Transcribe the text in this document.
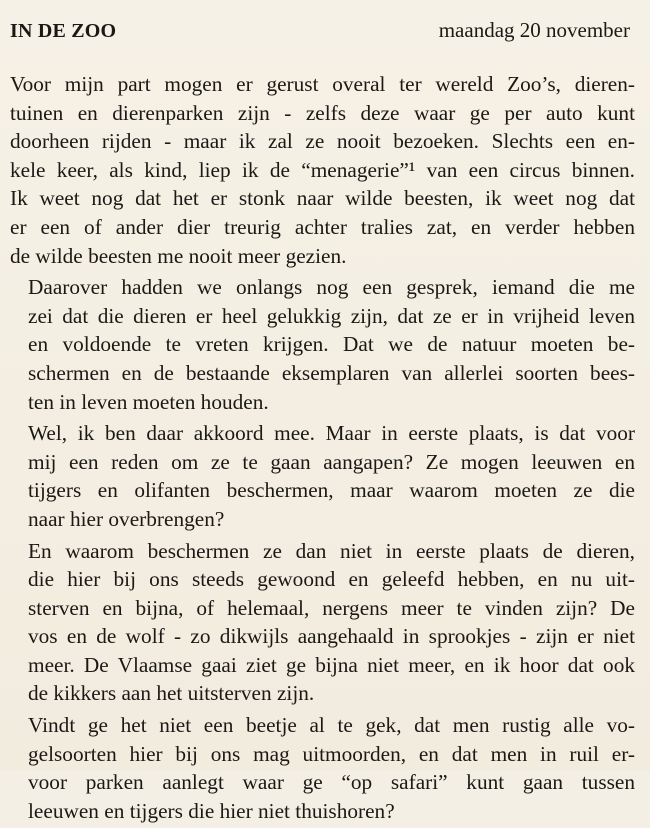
IN DE ZOO	maandag 20 november

Voor mijn part mogen er gerust overal ter wereld Zoo’s, dieren-
tuinen en dierenparken zijn - zelfs deze waar ge per auto kunt
doorheen rijden - maar ik zal ze nooit bezoeken. Slechts een en-
kele keer, als kind, liep ik de “menagerie”¹ van een circus binnen.
Ik weet nog dat het er stonk naar wilde beesten, ik weet nog dat
er een of ander dier treurig achter tralies zat, en verder hebben
de wilde beesten me nooit meer gezien.

Daarover hadden we onlangs nog een gesprek, iemand die me
zei dat die dieren er heel gelukkig zijn, dat ze er in vrijheid leven
en voldoende te vreten krijgen. Dat we de natuur moeten be-
schermen en de bestaande eksemplaren van allerlei soorten bees-
ten in leven moeten houden.

Wel, ik ben daar akkoord mee. Maar in eerste plaats, is dat voor
mij een reden om ze te gaan aangapen? Ze mogen leeuwen en
tijgers en olifanten beschermen, maar waarom moeten ze die
naar hier overbrengen?

En waarom beschermen ze dan niet in eerste plaats de dieren,
die hier bij ons steeds gewoond en geleefd hebben, en nu uit-
sterven en bijna, of helemaal, nergens meer te vinden zijn? De
vos en de wolf - zo dikwijls aangehaald in sprookjes - zijn er niet
meer. De Vlaamse gaai ziet ge bijna niet meer, en ik hoor dat ook
de kikkers aan het uitsterven zijn.

Vindt ge het niet een beetje al te gek, dat men rustig alle vo-
gelsoorten hier bij ons mag uitmoorden, en dat men in ruil er-
voor parken aanlegt waar ge “op safari” kunt gaan tussen
leeuwen en tijgers die hier niet thuishoren?
